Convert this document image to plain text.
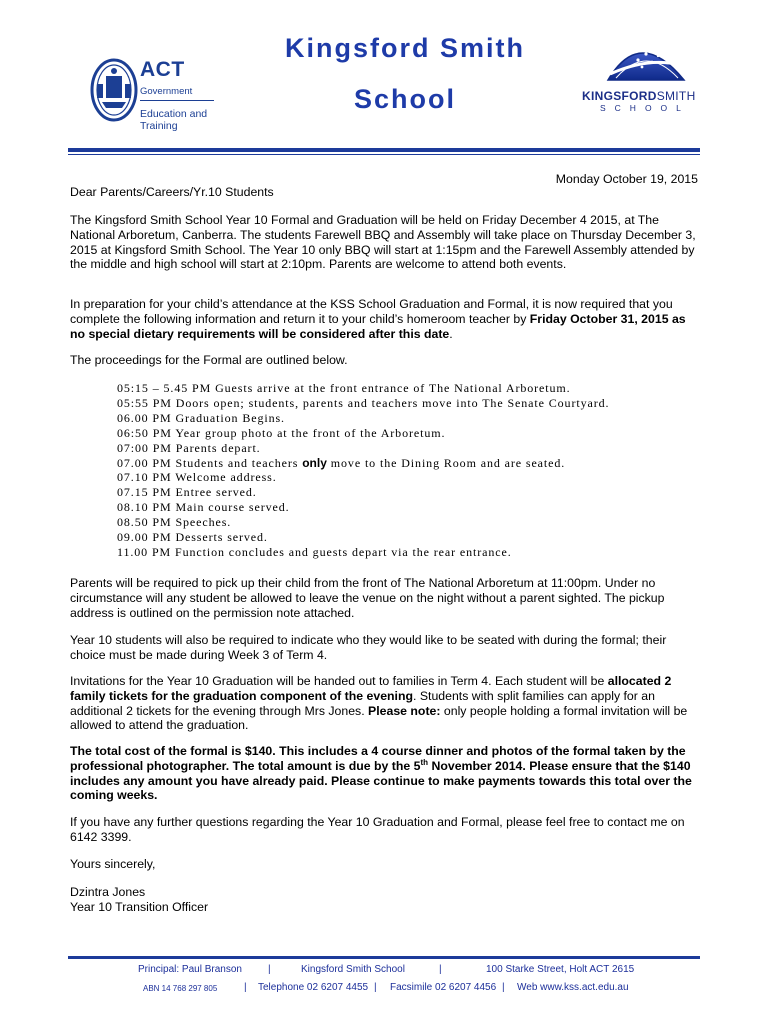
ACT
Government
Education and Training
Kingsford Smith
School	KINGSFORDSMITH
SCHOOL
Monday October 19, 2015
Dear Parents/Careers/Yr.10 Students
The Kingsford Smith School Year 10 Formal and Graduation will be held on Friday December 4 2015, at The National Arboretum, Canberra. The students Farewell BBQ and Assembly will take place on Thursday December 3, 2015 at Kingsford Smith School. The Year 10 only BBQ will start at 1:15pm and the Farewell Assembly attended by the middle and high school will start at 2:10pm. Parents are welcome to attend both events.
In preparation for your child’s attendance at the KSS School Graduation and Formal, it is now required that you complete the following information and return it to your child’s homeroom teacher by Friday October 31, 2015 as no special dietary requirements will be considered after this date.
The proceedings for the Formal are outlined below.
05:15 – 5.45 PM Guests arrive at the front entrance of The National Arboretum.
05:55 PM Doors open; students, parents and teachers move into The Senate Courtyard.
06.00 PM Graduation Begins.
06:50 PM Year group photo at the front of the Arboretum.
07:00 PM Parents depart.
07.00 PM Students and teachers only move to the Dining Room and are seated.
07.10 PM Welcome address.
07.15 PM Entree served.
08.10 PM Main course served.
08.50 PM Speeches.
09.00 PM Desserts served.
11.00 PM Function concludes and guests depart via the rear entrance.
Parents will be required to pick up their child from the front of The National Arboretum at 11:00pm. Under no circumstance will any student be allowed to leave the venue on the night without a parent sighted. The pickup address is outlined on the permission note attached.
Year 10 students will also be required to indicate who they would like to be seated with during the formal; their choice must be made during Week 3 of Term 4.
Invitations for the Year 10 Graduation will be handed out to families in Term 4. Each student will be allocated 2 family tickets for the graduation component of the evening. Students with split families can apply for an additional 2 tickets for the evening through Mrs Jones. Please note: only people holding a formal invitation will be allowed to attend the graduation.
The total cost of the formal is $140. This includes a 4 course dinner and photos of the formal taken by the professional photographer. The total amount is due by the 5th November 2014. Please ensure that the $140 includes any amount you have already paid. Please continue to make payments towards this total over the coming weeks.
If you have any further questions regarding the Year 10 Graduation and Formal, please feel free to contact me on 6142 3399.
Yours sincerely,
Dzintra Jones
Year 10 Transition Officer
Principal: Paul Branson	|	Kingsford Smith School	|	100 Starke Street, Holt ACT 2615
ABN 14 768 297 805	| Telephone 02 6207 4455 | Facsimile 02 6207 4456 | Web www.kss.act.edu.au
